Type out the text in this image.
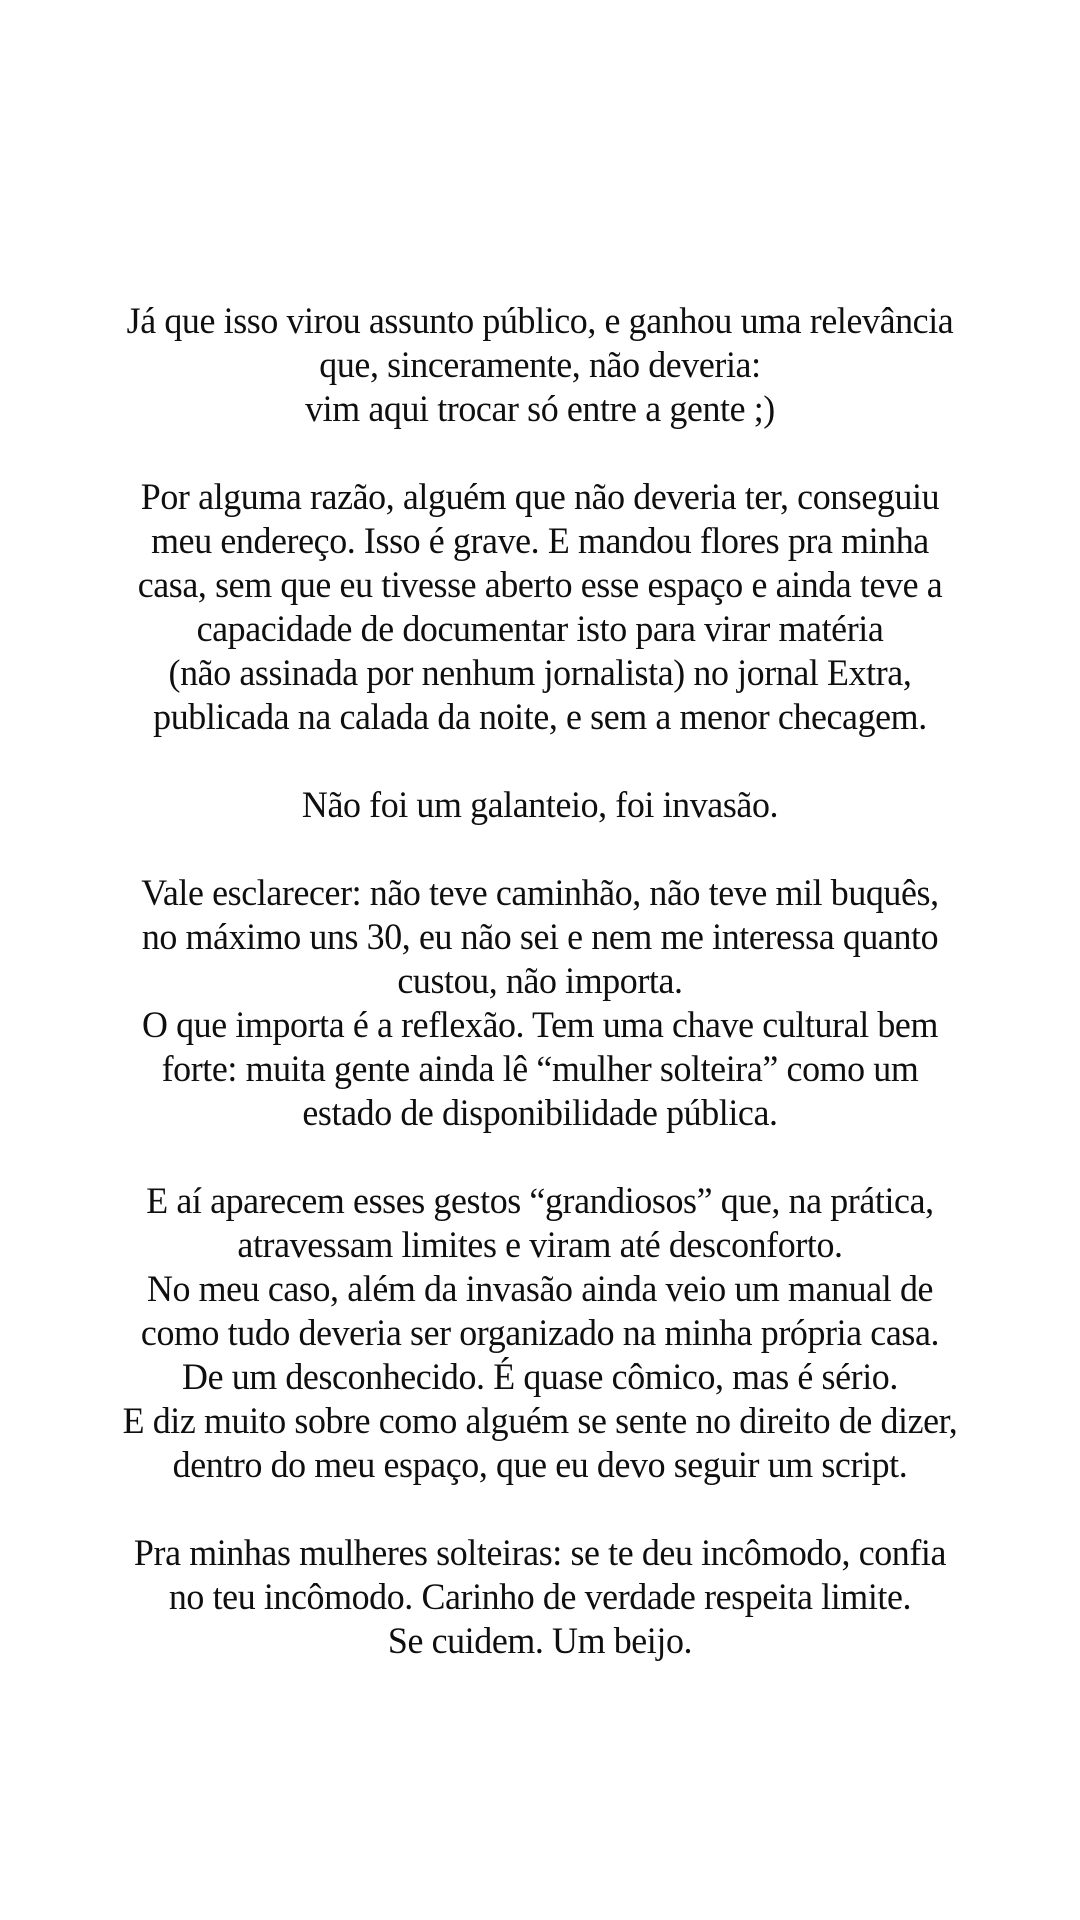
Já que isso virou assunto público, e ganhou uma relevância
que, sinceramente, não deveria:
vim aqui trocar só entre a gente ;)
Por alguma razão, alguém que não deveria ter, conseguiu
meu endereço. Isso é grave. E mandou flores pra minha
casa, sem que eu tivesse aberto esse espaço e ainda teve a
capacidade de documentar isto para virar matéria
(não assinada por nenhum jornalista) no jornal Extra,
publicada na calada da noite, e sem a menor checagem.
Não foi um galanteio, foi invasão.
Vale esclarecer: não teve caminhão, não teve mil buquês,
no máximo uns 30, eu não sei e nem me interessa quanto
custou, não importa.
O que importa é a reflexão. Tem uma chave cultural bem
forte: muita gente ainda lê “mulher solteira” como um
estado de disponibilidade pública.
E aí aparecem esses gestos “grandiosos” que, na prática,
atravessam limites e viram até desconforto.
No meu caso, além da invasão ainda veio um manual de
como tudo deveria ser organizado na minha própria casa.
De um desconhecido. É quase cômico, mas é sério.
E diz muito sobre como alguém se sente no direito de dizer,
dentro do meu espaço, que eu devo seguir um script.
Pra minhas mulheres solteiras: se te deu incômodo, confia
no teu incômodo. Carinho de verdade respeita limite.
Se cuidem. Um beijo.
